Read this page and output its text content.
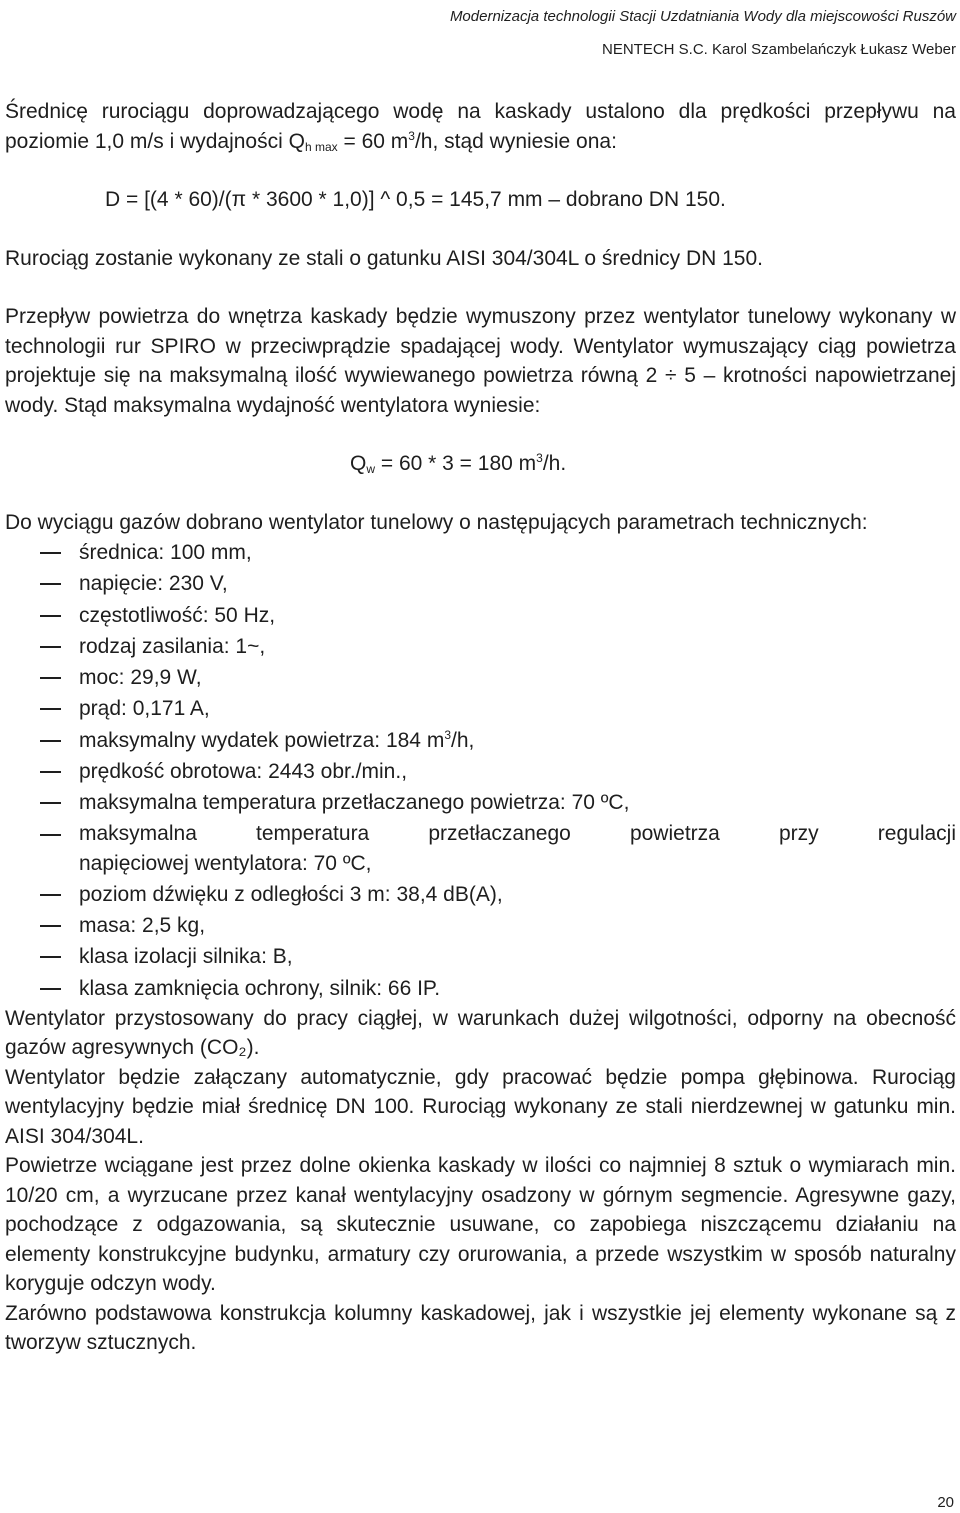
Modernizacja technologii Stacji Uzdatniania Wody dla miejscowości Ruszów
NENTECH S.C. Karol Szambelańczyk Łukasz Weber

Średnicę rurociągu doprowadzającego wodę na kaskady ustalono dla prędkości przepływu na poziomie 1,0 m/s i wydajności $Q_{h max} = 60$ $m^3/h$, stąd wyniesie ona:

D = [(4 * 60)/(π * 3600 * 1,0)] ^ 0,5 = 145,7 mm – dobrano DN 150.

Rurociąg zostanie wykonany ze stali o gatunku AISI 304/304L o średnicy DN 150.

Przepływ powietrza do wnętrza kaskady będzie wymuszony przez wentylator tunelowy wykonany w technologii rur SPIRO w przeciwprądzie spadającej wody. Wentylator wymuszający ciąg powietrza projektuje się na maksymalną ilość wywiewanego powietrza równą 2 ÷ 5 – krotności napowietrzanej wody. Stąd maksymalna wydajność wentylatora wyniesie:

$Q_w = 60 * 3 = 180$ $m^3/h$.

Do wyciągu gazów dobrano wentylator tunelowy o następujących parametrach technicznych:

średnica: 100 mm,
napięcie: 230 V,
częstotliwość: 50 Hz,
rodzaj zasilania: 1~,
moc: 29,9 W,
prąd: 0,171 A,
maksymalny wydatek powietrza: 184 $m^3/h$,
prędkość obrotowa: 2443 obr./min.,
maksymalna temperatura przetłaczanego powietrza: 70 ºC,
maksymalna temperatura przetłaczanego powietrza przy regulacji
napięciowej wentylatora: 70 ºC,
poziom dźwięku z odległości 3 m: 38,4 dB(A),
masa: 2,5 kg,
klasa izolacji silnika: B,
klasa zamknięcia ochrony, silnik: 66 IP.

Wentylator przystosowany do pracy ciągłej, w warunkach dużej wilgotności, odporny na obecność gazów agresywnych (CO₂).

Wentylator będzie załączany automatycznie, gdy pracować będzie pompa głębinowa. Rurociąg wentylacyjny będzie miał średnicę DN 100. Rurociąg wykonany ze stali nierdzewnej w gatunku min. AISI 304/304L.

Powietrze wciągane jest przez dolne okienka kaskady w ilości co najmniej 8 sztuk o wymiarach min. 10/20 cm, a wyrzucane przez kanał wentylacyjny osadzony w górnym segmencie. Agresywne gazy, pochodzące z odgazowania, są skutecznie usuwane, co zapobiega niszczącemu działaniu na elementy konstrukcyjne budynku, armatury czy orurowania, a przede wszystkim w sposób naturalny koryguje odczyn wody.

Zarówno podstawowa konstrukcja kolumny kaskadowej, jak i wszystkie jej elementy wykonane są z tworzyw sztucznych.

20
